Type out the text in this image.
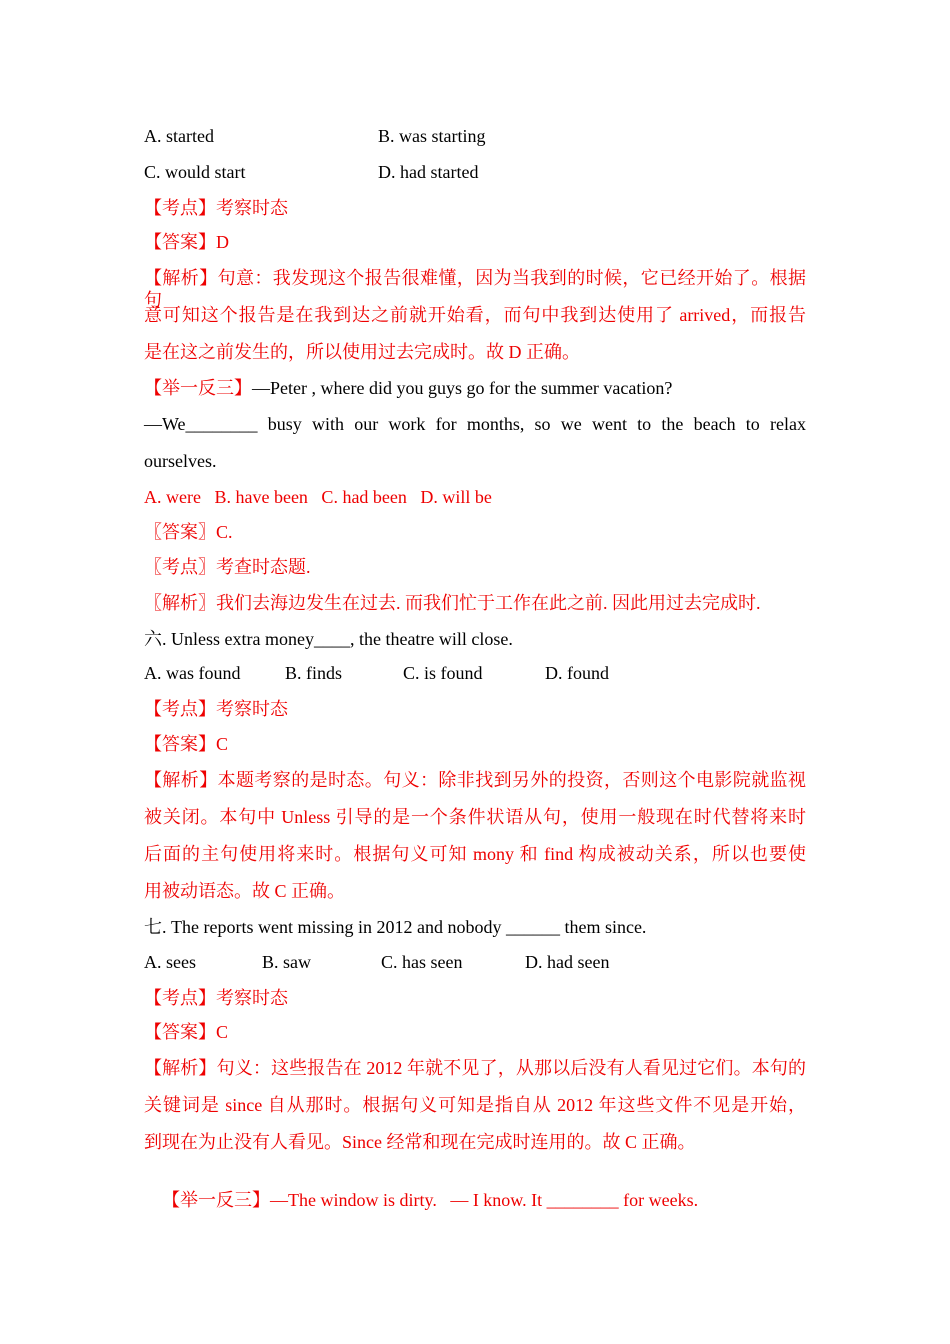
A. started	B. was starting
C. would start	D. had started
【考点】考察时态
【答案】D
【解析】句意：我发现这个报告很难懂，因为当我到的时候，它已经开始了。根据句
意可知这个报告是在我到达之前就开始看，而句中我到达使用了 arrived，而报告
是在这之前发生的，所以使用过去完成时。故 D 正确。
【举一反三】—Peter , where did you guys go for the summer vacation?
—We________ busy with our work for months, so we went to the beach to relax
ourselves.
A. were   B. have been   C. had been   D. will be
〖答案〗C.
〖考点〗考查时态题.
〖解析〗我们去海边发生在过去. 而我们忙于工作在此之前. 因此用过去完成时.
六. Unless extra money____, the theatre will close.
A. was found B. finds	C. is found	D. found
【考点】考察时态
【答案】C
【解析】本题考察的是时态。句义：除非找到另外的投资，否则这个电影院就监视
被关闭。本句中 Unless 引导的是一个条件状语从句，使用一般现在时代替将来时
后面的主句使用将来时。根据句义可知 mony 和 find 构成被动关系，所以也要使
用被动语态。故 C 正确。
七. The reports went missing in 2012 and nobody ______ them since.
A. sees	B. saw	C. has seen	D. had seen
【考点】考察时态
【答案】C
【解析】句义：这些报告在 2012 年就不见了，从那以后没有人看见过它们。本句的
关键词是 since 自从那时。根据句义可知是指自从 2012 年这些文件不见是开始，
到现在为止没有人看见。Since 经常和现在完成时连用的。故 C 正确。

【举一反三】—The window is dirty.   — I know. It ________ for weeks.
